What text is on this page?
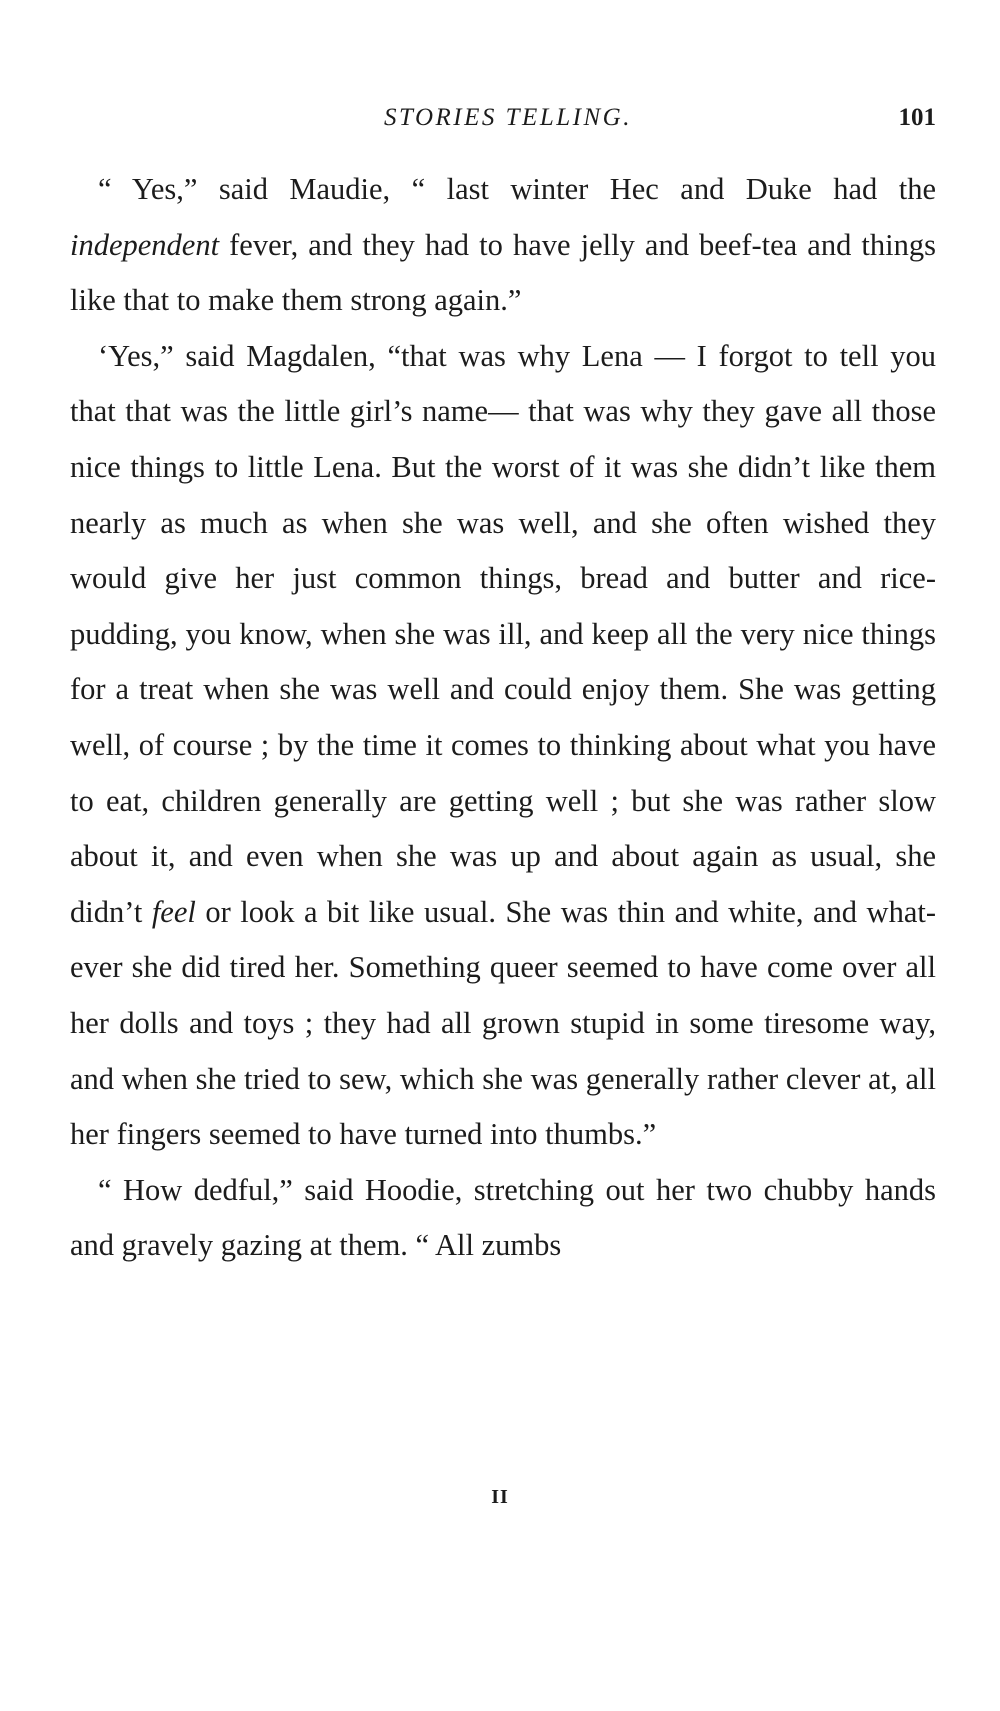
STORIES TELLING.	101

“ Yes,” said Maudie, “ last winter Hec and Duke had the independent fever, and they had to have jelly and beef-tea and things like that to make them strong again.”

‘Yes,” said Magdalen, “that was why Lena — I forgot to tell you that that was the little girl’s name— that was why they gave all those nice things to little Lena. But the worst of it was she didn’t like them nearly as much as when she was well, and she often wished they would give her just common things, bread and butter and rice-pudding, you know, when she was ill, and keep all the very nice things for a treat when she was well and could enjoy them. She was getting well, of course ; by the time it comes to thinking about what you have to eat, children generally are getting well ; but she was rather slow about it, and even when she was up and about again as usual, she didn’t feel or look a bit like usual. She was thin and white, and what-ever she did tired her. Something queer seemed to have come over all her dolls and toys ; they had all grown stupid in some tiresome way, and when she tried to sew, which she was generally rather clever at, all her fingers seemed to have turned into thumbs.”

“ How dedful,” said Hoodie, stretching out her two chubby hands and gravely gazing at them. “ All zumbs

II
